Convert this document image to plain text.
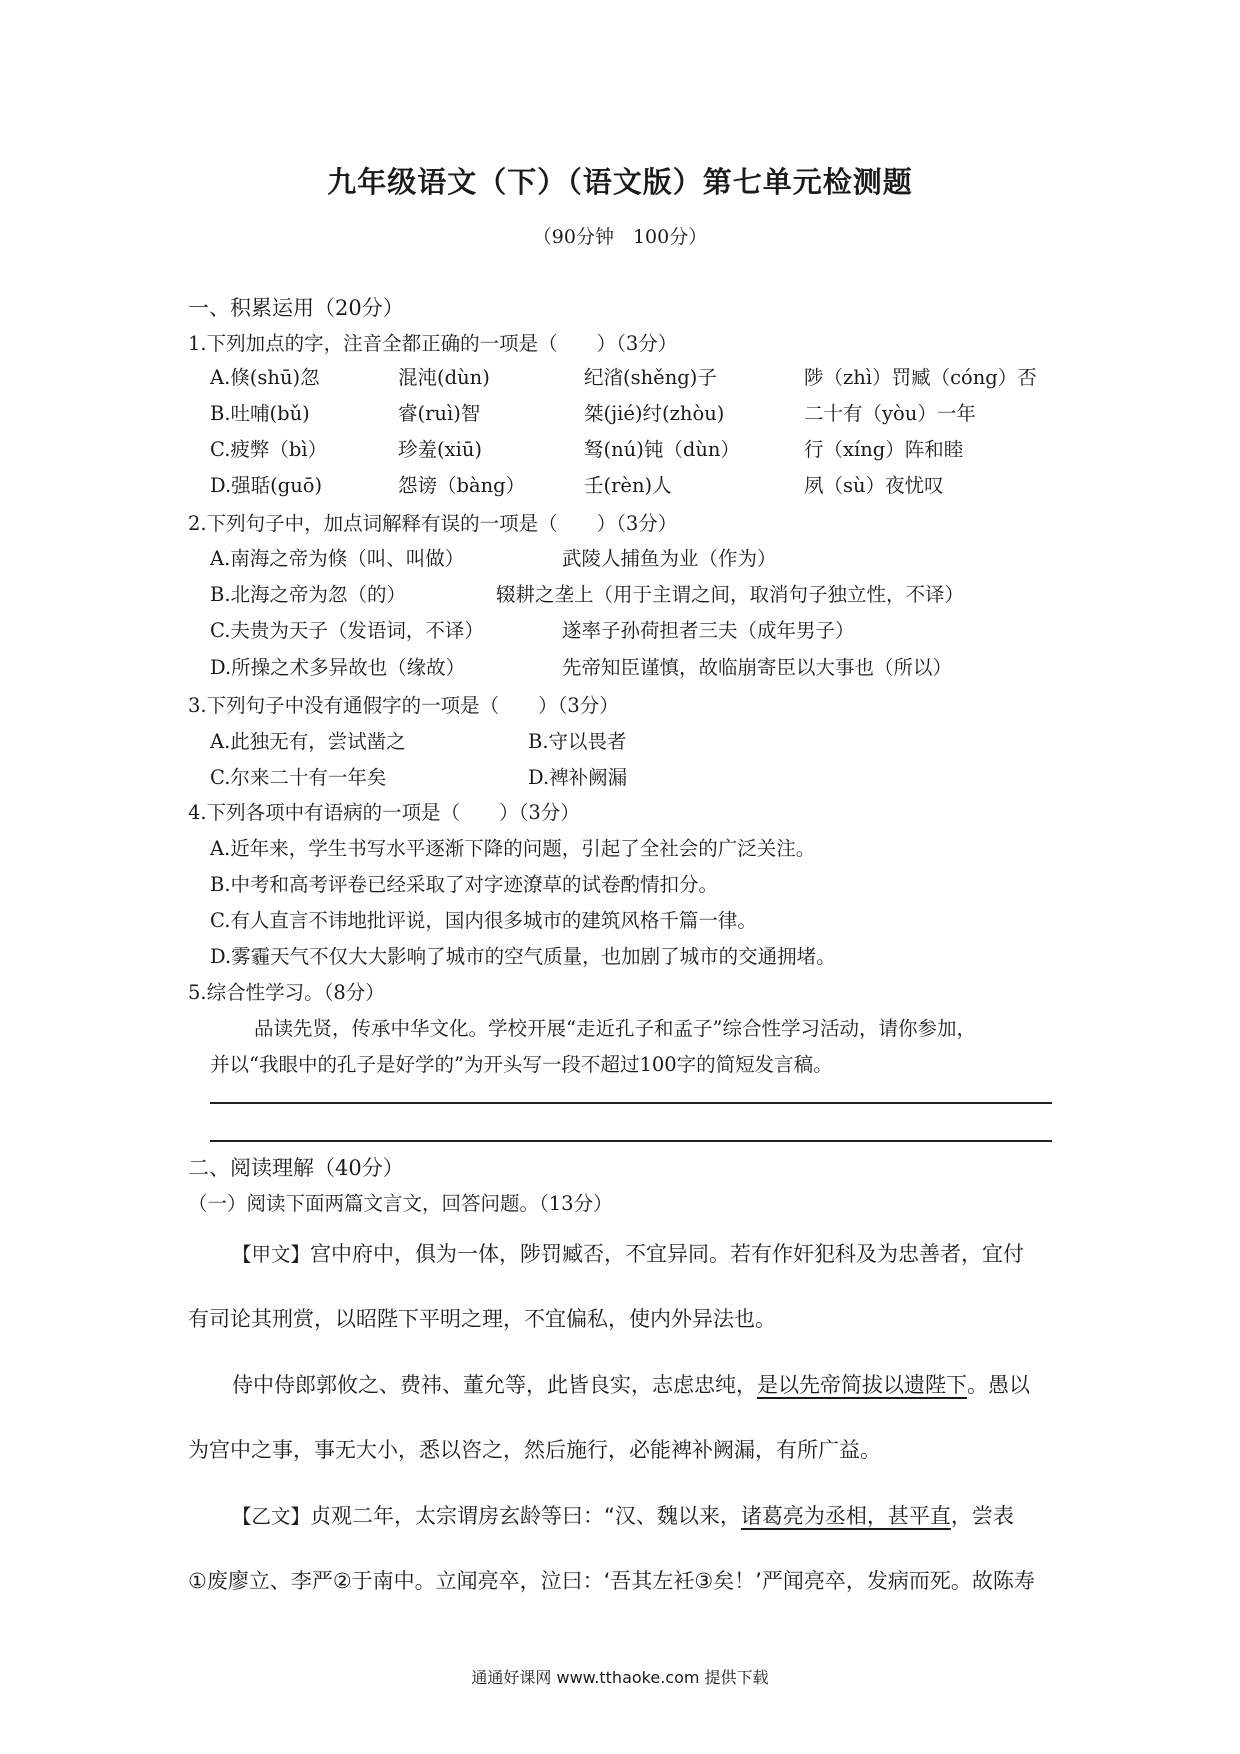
九年级语文（下）（语文版）第七单元检测题
（90分钟　100分）
一、积累运用（20分）
1.下列加点的字，注音全都正确的一项是（　　）（3分）
A.倏(shū)忽	混沌(dùn)	纪渻(shěng)子	陟（zhì）罚臧（cóng）否
B.吐哺(bǔ)	睿(ruì)智	桀(jié)纣(zhòu)	二十有（yòu）一年
C.疲弊（bì）	珍羞(xiū)	驽(nú)钝（dùn）	行（xíng）阵和睦
D.强聒(guō)	怨谤（bàng）	壬(rèn)人	夙（sù）夜忧叹
2.下列句子中，加点词解释有误的一项是（　　）（3分）
A.南海之帝为倏（叫、叫做）	武陵人捕鱼为业（作为）
B.北海之帝为忽（的）	辍耕之垄上（用于主谓之间，取消句子独立性，不译）
C.夫贵为天子（发语词，不译）	遂率子孙荷担者三夫（成年男子）
D.所操之术多异故也（缘故）	先帝知臣谨慎，故临崩寄臣以大事也（所以）
3.下列句子中没有通假字的一项是（　　）（3分）
A.此独无有，尝试凿之	B.守以畏者
C.尔来二十有一年矣	D.裨补阙漏
4.下列各项中有语病的一项是（　　）（3分）
A.近年来，学生书写水平逐渐下降的问题，引起了全社会的广泛关注。
B.中考和高考评卷已经采取了对字迹潦草的试卷酌情扣分。
C.有人直言不讳地批评说，国内很多城市的建筑风格千篇一律。
D.雾霾天气不仅大大影响了城市的空气质量，也加剧了城市的交通拥堵。
5.综合性学习。（8分）
品读先贤，传承中华文化。学校开展“走近孔子和孟子”综合性学习活动，请你参加，
并以“我眼中的孔子是好学的”为开头写一段不超过100字的简短发言稿。
二、阅读理解（40分）
（一）阅读下面两篇文言文，回答问题。（13分）
【甲文】宫中府中，俱为一体，陟罚臧否，不宜异同。若有作奸犯科及为忠善者，宜付
有司论其刑赏，以昭陛下平明之理，不宜偏私，使内外异法也。
侍中侍郎郭攸之、费祎、董允等，此皆良实，志虑忠纯，是以先帝简拔以遗陛下。愚以
为宫中之事，事无大小，悉以咨之，然后施行，必能裨补阙漏，有所广益。
【乙文】贞观二年，太宗谓房玄龄等曰：“汉、魏以来，诸葛亮为丞相，甚平直，尝表
①废廖立、李严②于南中。立闻亮卒，泣曰：‘吾其左衽③矣！’严闻亮卒，发病而死。故陈寿
通通好课网 www.tthaoke.com 提供下载
